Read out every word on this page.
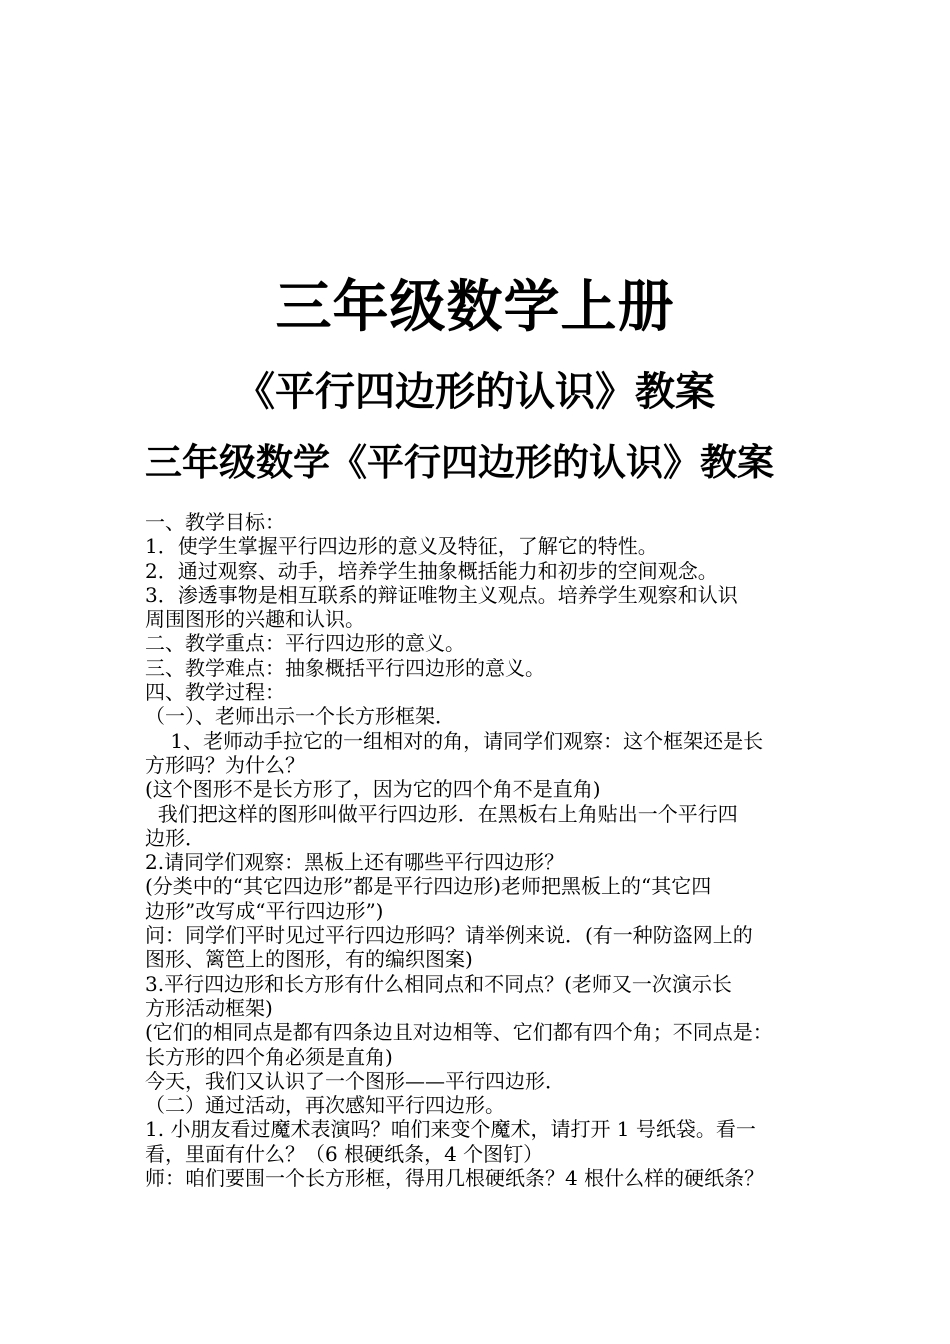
三年级数学上册
《平行四边形的认识》教案
三年级数学《平行四边形的认识》教案
一、教学目标：
1．使学生掌握平行四边形的意义及特征，了解它的特性。
2．通过观察、动手，培养学生抽象概括能力和初步的空间观念。
3．渗透事物是相互联系的辩证唯物主义观点。培养学生观察和认识
周围图形的兴趣和认识。
二、教学重点：平行四边形的意义。
三、教学难点：抽象概括平行四边形的意义。
四、教学过程：
（一）、老师出示一个长方形框架．
1、老师动手拉它的一组相对的角，请同学们观察：这个框架还是长
方形吗？为什么？
(这个图形不是长方形了，因为它的四个角不是直角)
我们把这样的图形叫做平行四边形．在黑板右上角贴出一个平行四
边形．
2.请同学们观察：黑板上还有哪些平行四边形？
(分类中的“其它四边形”都是平行四边形)老师把黑板上的“其它四
边形”改写成“平行四边形”)
问：同学们平时见过平行四边形吗？请举例来说．(有一种防盗网上的
图形、篱笆上的图形，有的编织图案)
3.平行四边形和长方形有什么相同点和不同点？(老师又一次演示长
方形活动框架)
(它们的相同点是都有四条边且对边相等、它们都有四个角；不同点是：
长方形的四个角必须是直角)
今天，我们又认识了一个图形——平行四边形．
（二）通过活动，再次感知平行四边形。
1. 小朋友看过魔术表演吗？咱们来变个魔术，请打开 1 号纸袋。看一
看，里面有什么？（6 根硬纸条，4 个图钉）
师：咱们要围一个长方形框，得用几根硬纸条？4 根什么样的硬纸条？
